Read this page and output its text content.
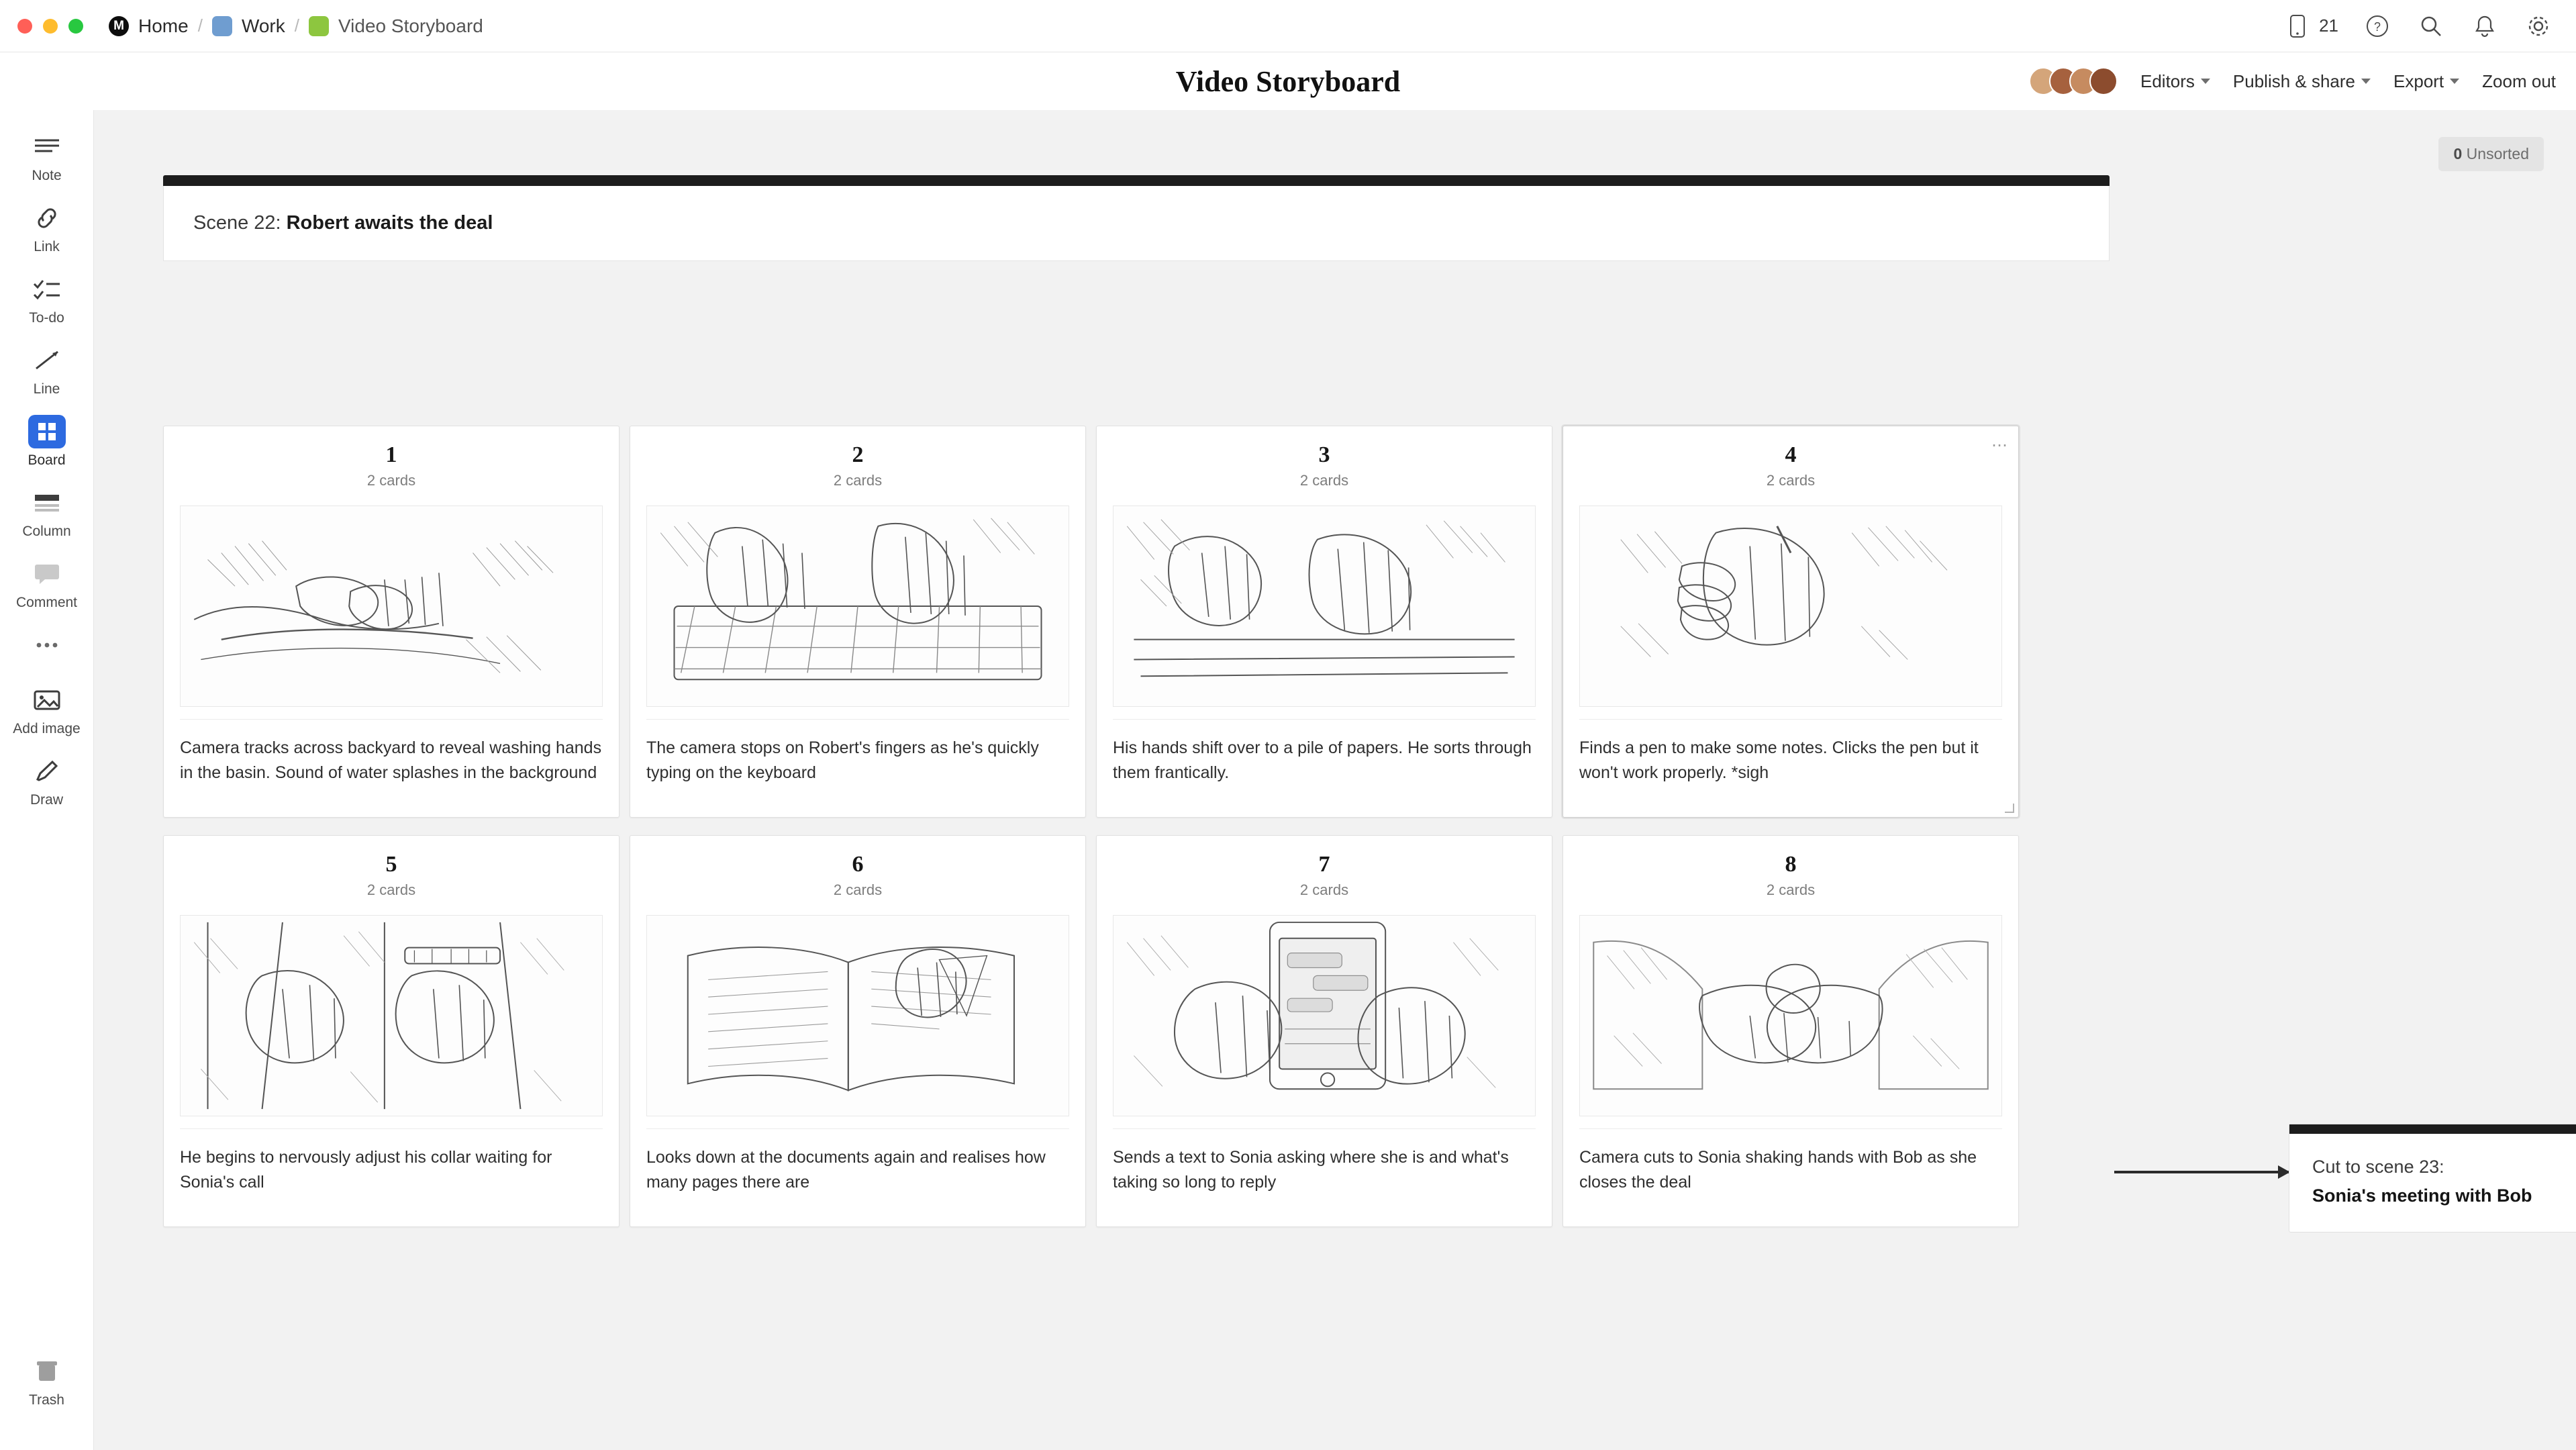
M Home / Work / Video Storyboard	21	?
Video Storyboard	Editors Publish & share Export Zoom out
Note
Link
To-do
Line
Board
Column
Comment
Add image
Draw
Trash
0 Unsorted
Scene 22: Robert awaits the deal
1
2 cards
Camera tracks across backyard to reveal washing hands in the basin. Sound of water splashes in the background
2
2 cards
The camera stops on Robert's fingers as he's quickly typing on the keyboard
3
2 cards
His hands shift over to a pile of papers. He sorts through them frantically.
⋯
4
2 cards
Finds a pen to make some notes. Clicks the pen but it won't work properly. *sigh
5
2 cards
He begins to nervously adjust his collar waiting for Sonia's call
6
2 cards
Looks down at the documents again and realises how many pages there are
7
2 cards
Sends a text to Sonia asking where she is and what's taking so long to reply
8
2 cards
Camera cuts to Sonia shaking hands with Bob as she closes the deal
Cut to scene 23:
Sonia's meeting with Bob
